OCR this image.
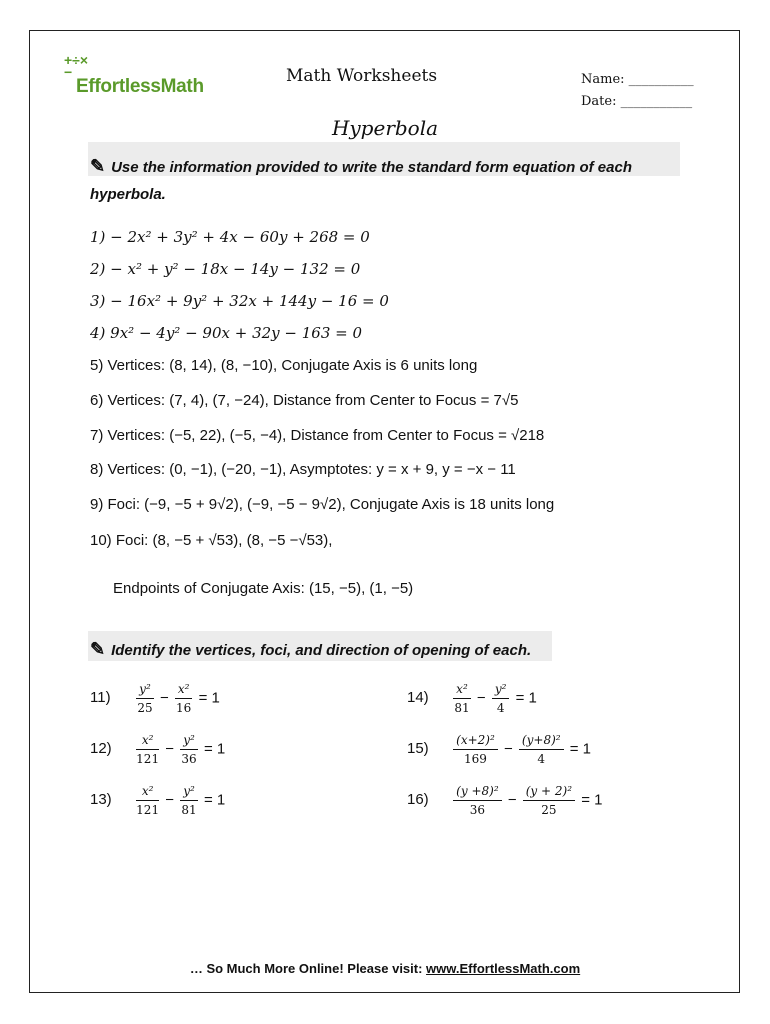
+÷×
−
EffortlessMath	Math Worksheets	Name: __________
Date: ___________
Hyperbola
✎ Use the information provided to write the standard form equation of each
hyperbola.
1) − 2x² + 3y² + 4x − 60y + 268 = 0
2) − x² + y² − 18x − 14y − 132 = 0
3) − 16x² + 9y² + 32x + 144y − 16 = 0
4) 9x² − 4y² − 90x + 32y − 163 = 0
5) Vertices: (8, 14), (8, −10), Conjugate Axis is 6 units long
6) Vertices: (7, 4), (7, −24), Distance from Center to Focus = 7√5
7) Vertices: (−5, 22), (−5, −4), Distance from Center to Focus = √218
8) Vertices: (0, −1), (−20, −1), Asymptotes: y = x + 9, y = −x − 11
9) Foci: (−9, −5 + 9√2), (−9, −5 − 9√2), Conjugate Axis is 18 units long
10) Foci: (8, −5 + √53), (8, −5 −√53),
Endpoints of Conjugate Axis: (15, −5), (1, −5)
✎ Identify the vertices, foci, and direction of opening of each.
$11) \frac{\text{y²}}{25} - \frac{\text{x²}}{16} = 1$
$12) \frac{\text{x²}}{121} - \frac{\text{y²}}{36} = 1$
$13) \frac{\text{x²}}{121} - \frac{\text{y²}}{81} = 1$
$14) \frac{\text{x²}}{81} - \frac{\text{y²}}{4} = 1$
$15) \frac{\text{(x+2)²}}{169} - \frac{\text{(y+8)²}}{4} = 1$
$16) \frac{\text{(y +8)²}}{36} - \frac{\text{(y + 2)²}}{25} = 1$
… So Much More Online! Please visit: www.EffortlessMath.com
